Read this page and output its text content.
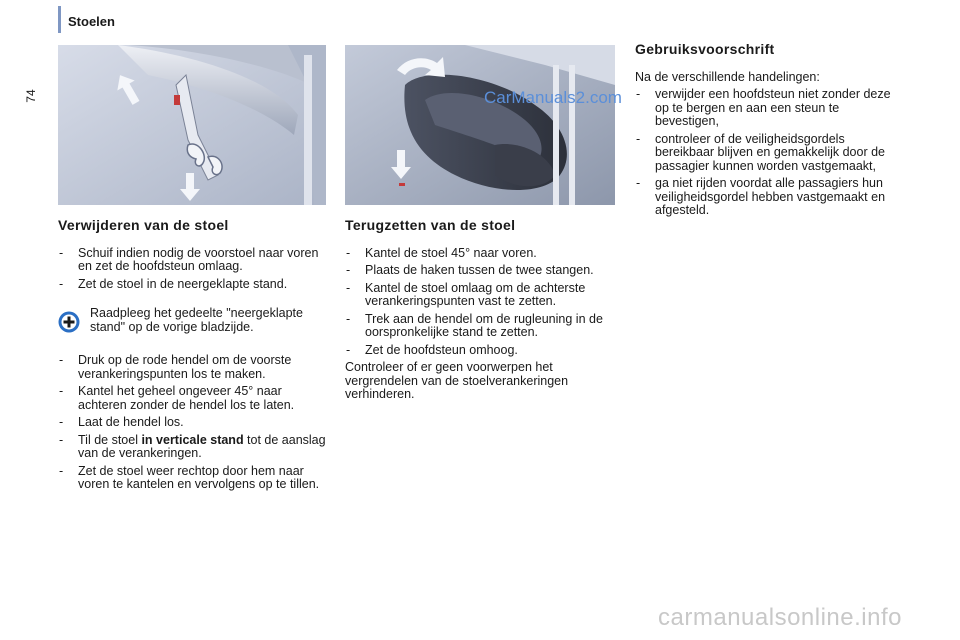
Stoelen
74	CarManuals2.com
Verwijderen van de stoel
- Schuif indien nodig de voorstoel naar voren en zet de hoofdsteun omlaag.
- Zet de stoel in de neergeklapte stand.
Raadpleeg het gedeelte "neergeklapte stand" op de vorige bladzijde.
- Druk op de rode hendel om de voorste verankeringspunten los te maken.
- Kantel het geheel ongeveer 45° naar achteren zonder de hendel los te laten.
- Laat de hendel los.
- Til de stoel in verticale stand tot de aanslag van de verankeringen.
- Zet de stoel weer rechtop door hem naar voren te kantelen en vervolgens op te tillen.
Terugzetten van de stoel
- Kantel de stoel 45° naar voren.
- Plaats de haken tussen de twee stangen.
- Kantel de stoel omlaag om de achterste verankeringspunten vast te zetten.
- Trek aan de hendel om de rugleuning in de oorspronkelijke stand te zetten.
- Zet de hoofdsteun omhoog.

Controleer of er geen voorwerpen het vergrendelen van de stoelverankeringen verhinderen.

Gebruiksvoorschrift

Na de verschillende handelingen:

- verwijder een hoofdsteun niet zonder deze op te bergen en aan een steun te bevestigen,
- controleer of de veiligheidsgordels bereikbaar blijven en gemakkelijk door de passagier kunnen worden vastgemaakt,
- ga niet rijden voordat alle passagiers hun veiligheidsgordel hebben vastgemaakt en afgesteld.
carmanualsonline.info
